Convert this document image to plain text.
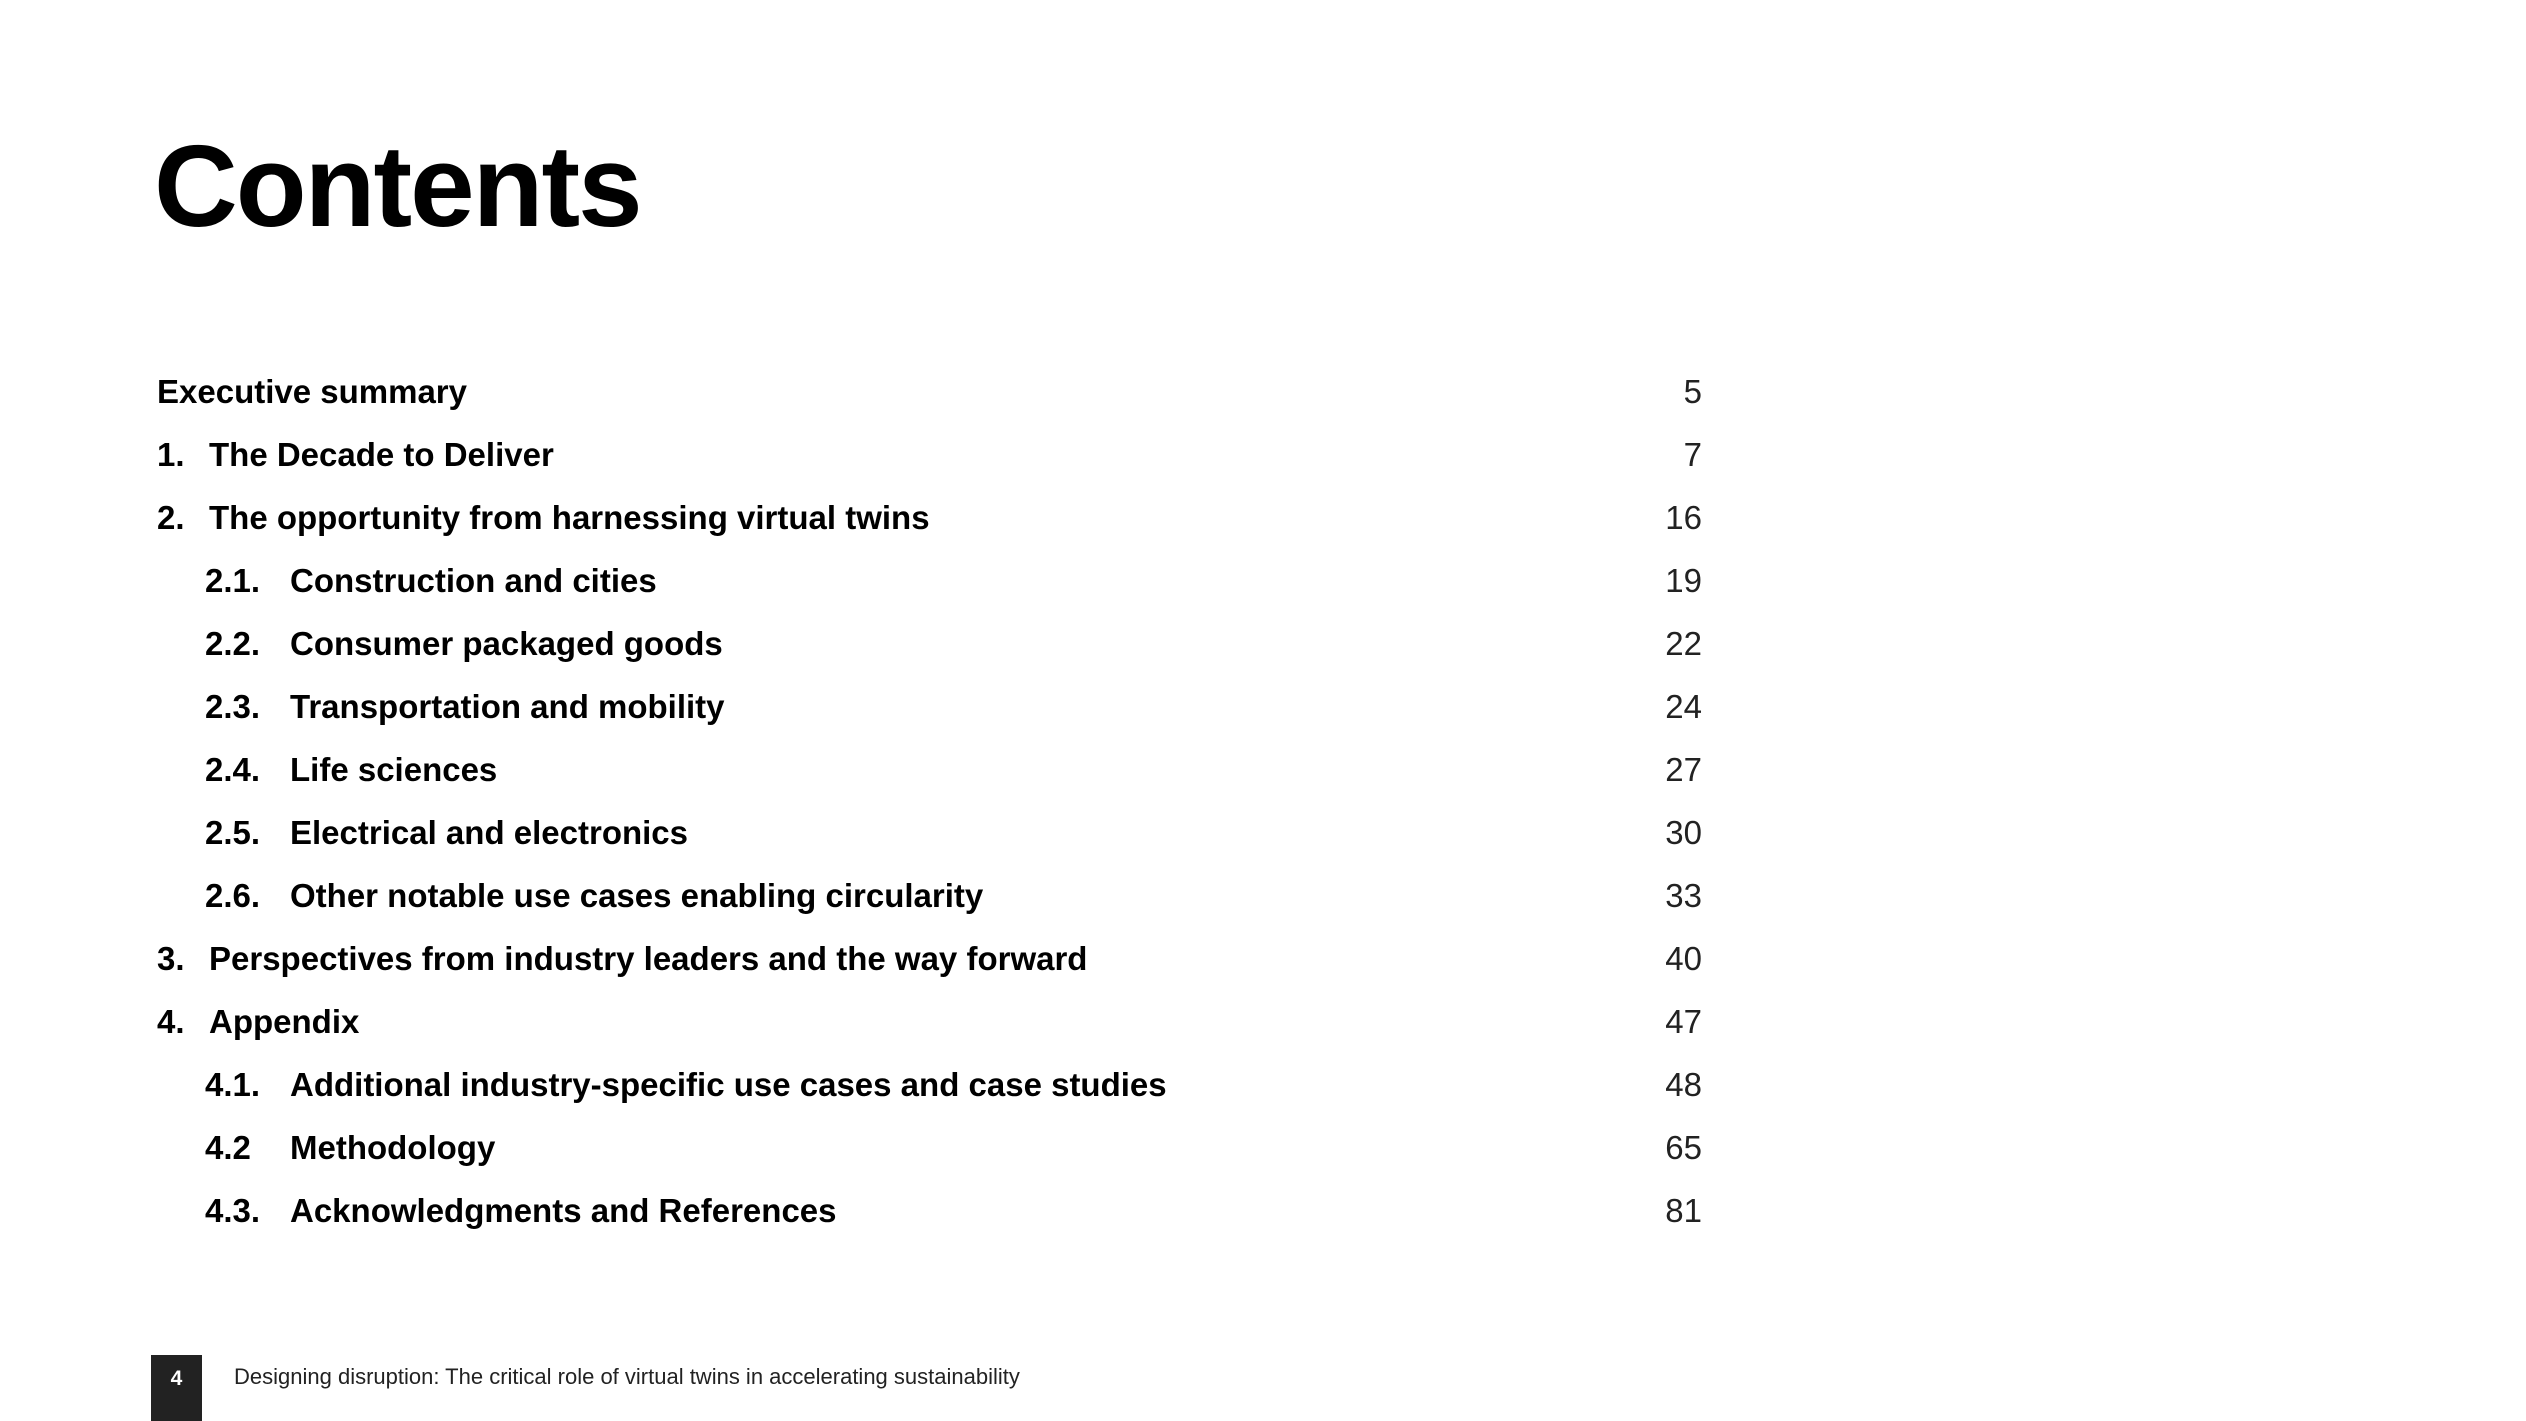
Contents
Executive summary	5
1. The Decade to Deliver	7
2. The opportunity from harnessing virtual twins	16
2.1. Construction and cities	19
2.2. Consumer packaged goods	22
2.3. Transportation and mobility	24
2.4. Life sciences	27
2.5. Electrical and electronics	30
2.6. Other notable use cases enabling circularity	33
3. Perspectives from industry leaders and the way forward	40
4. Appendix	47
4.1. Additional industry-specific use cases and case studies	48
4.2	Methodology	65
4.3. Acknowledgments and References	81
4	Designing disruption: The critical role of virtual twins in accelerating sustainability
